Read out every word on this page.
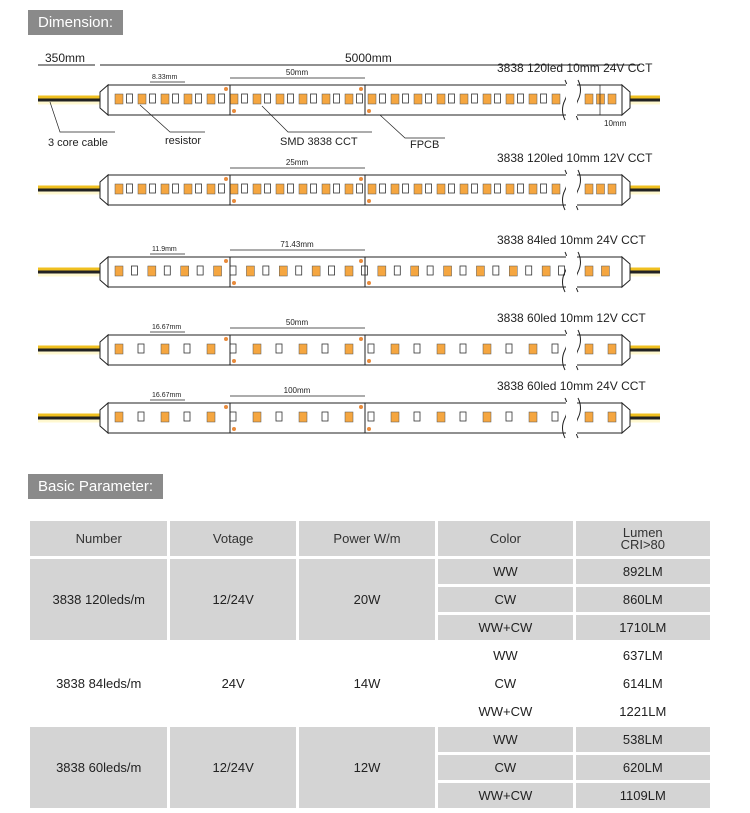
Dimension:
3838 120led 10mm 24V CCT
50mm
8.33mm
3838 120led 10mm 12V CCT
25mm
3838 84led 10mm 24V CCT
71.43mm
11.9mm
3838 60led 10mm 12V CCT
50mm
16.67mm
3838 60led 10mm 24V CCT
100mm
16.67mm
350mm	5000mm
3 core cable	resistor	SMD 3838 CCT	FPCB
10mm
Basic Parameter:
Number	Votage	Power W/m	Color	Lumen
CRI>80
3838 120leds/m	12/24V	20W	WW	892LM
			CW	860LM
			WW+CW	1710LM
3838 84leds/m	24V	14W	WW	637LM
			CW	614LM
			WW+CW	1221LM
3838 60leds/m	12/24V	12W	WW	538LM
			CW	620LM
			WW+CW	1109LM
